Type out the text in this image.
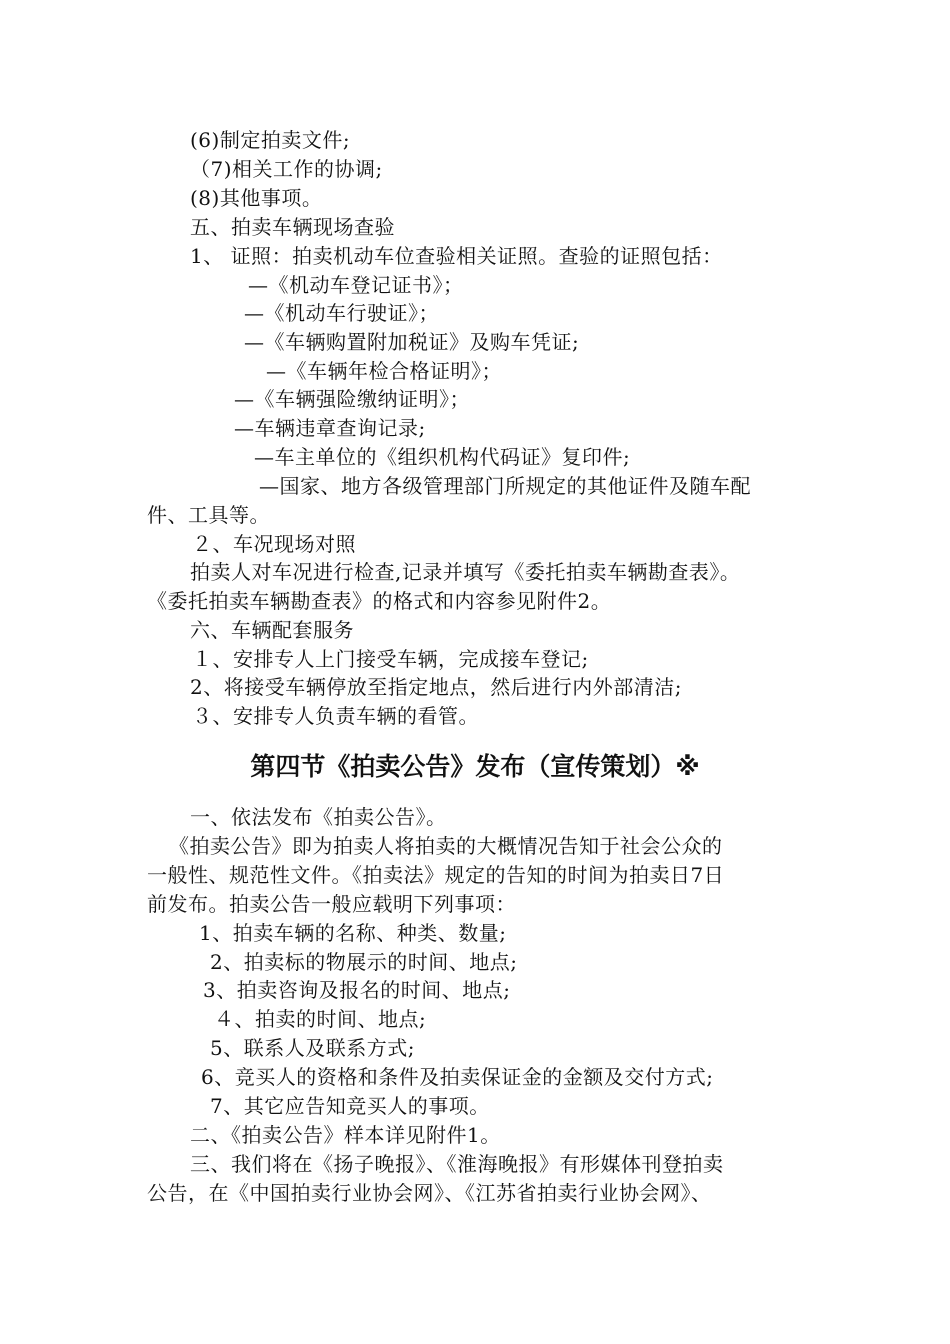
(6)制定拍卖文件;
（7)相关工作的协调;
(8)其他事项。
五、拍卖车辆现场查验
1、 证照：拍卖机动车位查验相关证照。查验的证照包括：
—《机动车登记证书》；
—《机动车行驶证》；
—《车辆购置附加税证》及购车凭证;
—《车辆年检合格证明》；
—《车辆强险缴纳证明》；
—车辆违章查询记录;
—车主单位的《组织机构代码证》复印件;
—国家、地方各级管理部门所规定的其他证件及随车配
件、工具等。
２、车况现场对照
拍卖人对车况进行检查,记录并填写《委托拍卖车辆勘查表》。
《委托拍卖车辆勘查表》的格式和内容参见附件2。
六、车辆配套服务
１、安排专人上门接受车辆，完成接车登记;
2、将接受车辆停放至指定地点，然后进行内外部清洁;
３、安排专人负责车辆的看管。
第四节《拍卖公告》发布（宣传策划）※
一、依法发布《拍卖公告》。
《拍卖公告》即为拍卖人将拍卖的大概情况告知于社会公众的
一般性、规范性文件。《拍卖法》规定的告知的时间为拍卖日7日
前发布。拍卖公告一般应载明下列事项：
1、拍卖车辆的名称、种类、数量;
2、拍卖标的物展示的时间、地点;
3、拍卖咨询及报名的时间、地点;
４、拍卖的时间、地点;
5、联系人及联系方式;
6、竞买人的资格和条件及拍卖保证金的金额及交付方式;
7、其它应告知竞买人的事项。
二、《拍卖公告》样本详见附件1。
三、我们将在《扬子晚报》、《淮海晚报》有形媒体刊登拍卖
公告，在《中国拍卖行业协会网》、《江苏省拍卖行业协会网》、
